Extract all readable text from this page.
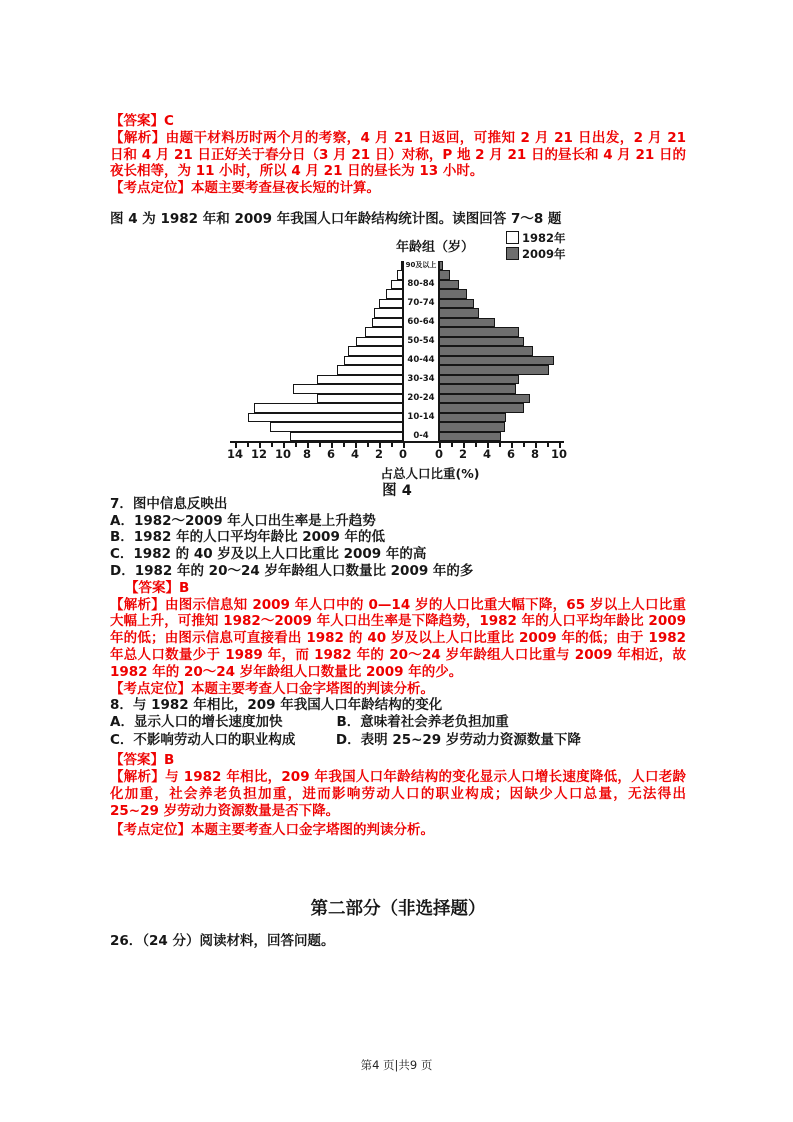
【答案】C

【解析】由题干材料历时两个月的考察，4 月 21 日返回，可推知 2 月 21 日出发，2 月 21 日和 4 月 21 日正好关于春分日（3 月 21 日）对称，P 地 2 月 21 日的昼长和 4 月 21 日的夜长相等，为 11 小时，所以 4 月 21 日的昼长为 13 小时。

【考点定位】本题主要考查昼夜长短的计算。

图 4 为 1982 年和 2009 年我国人口年龄结构统计图。读图回答 7～8 题

年龄组（岁）
1982年
2009年
90及以上
80-84
70-74
60-64
50-54
40-44
30-34
20-24
10-14
0-4
14 12 10	8	6	4	2	0	0	2	4	6	8	10
占总人口比重(%)
图 4

7．图中信息反映出

A．1982～2009 年人口出生率是上升趋势

B．1982 年的人口平均年龄比 2009 年的低

C．1982 的 40 岁及以上人口比重比 2009 年的高

D．1982 年的 20～24 岁年龄组人口数量比 2009 年的多

【答案】B

【解析】由图示信息知 2009 年人口中的 0—14 岁的人口比重大幅下降，65 岁以上人口比重大幅上升，可推知 1982～2009 年人口出生率是下降趋势，1982 年的人口平均年龄比 2009 年的低；由图示信息可直接看出 1982 的 40 岁及以上人口比重比 2009 年的低；由于 1982 年总人口数量少于 1989 年，而 1982 年的 20～24 岁年龄组人口比重与 2009 年相近，故 1982 年的 20～24 岁年龄组人口数量比 2009 年的少。

【考点定位】本题主要考查人口金字塔图的判读分析。

8．与 1982 年相比，209 年我国人口年龄结构的变化

A．显示人口的增长速度加快　　　　B．意味着社会养老负担加重

C．不影响劳动人口的职业构成　　　D．表明 25~29 岁劳动力资源数量下降

【答案】B

【解析】与 1982 年相比，209 年我国人口年龄结构的变化显示人口增长速度降低，人口老龄化加重，社会养老负担加重，进而影响劳动人口的职业构成；因缺少人口总量，无法得出 25~29 岁劳动力资源数量是否下降。

【考点定位】本题主要考查人口金字塔图的判读分析。

第二部分（非选择题）

26．（24 分）阅读材料，回答问题。

第4 页|共9 页
